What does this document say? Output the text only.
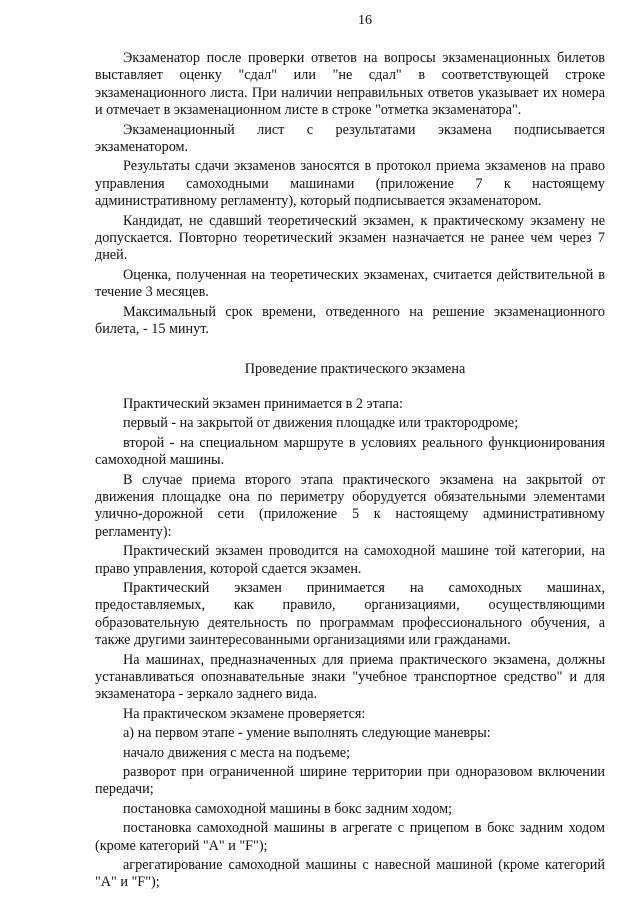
16

Экзаменатор после проверки ответов на вопросы экзаменационных билетов выставляет оценку "сдал" или "не сдал" в соответствующей строке экзаменационного листа. При наличии неправильных ответов указывает их номера и отмечает в экзаменационном листе в строке "отметка экзаменатора".

Экзаменационный лист с результатами экзамена подписывается экзаменатором.

Результаты сдачи экзаменов заносятся в протокол приема экзаменов на право управления самоходными машинами (приложение 7 к настоящему административному регламенту), который подписывается экзаменатором.

Кандидат, не сдавший теоретический экзамен, к практическому экзамену не допускается. Повторно теоретический экзамен назначается не ранее чем через 7 дней.

Оценка, полученная на теоретических экзаменах, считается действительной в течение 3 месяцев.

Максимальный срок времени, отведенного на решение экзаменационного билета, - 15 минут.

Проведение практического экзамена

Практический экзамен принимается в 2 этапа:

первый - на закрытой от движения площадке или трактородроме;

второй - на специальном маршруте в условиях реального функционирования самоходной машины.

В случае приема второго этапа практического экзамена на закрытой от движения площадке она по периметру оборудуется обязательными элементами улично-дорожной сети (приложение 5 к настоящему административному регламенту):

Практический экзамен проводится на самоходной машине той категории, на право управления, которой сдается экзамен.

Практический экзамен принимается на самоходных машинах, предоставляемых, как правило, организациями, осуществляющими образовательную деятельность по программам профессионального обучения, а также другими заинтересованными организациями или гражданами.

На машинах, предназначенных для приема практического экзамена, должны устанавливаться опознавательные знаки "учебное транспортное средство" и для экзаменатора - зеркало заднего вида.

На практическом экзамене проверяется:

а) на первом этапе - умение выполнять следующие маневры:

начало движения с места на подъеме;

разворот при ограниченной ширине территории при одноразовом включении передачи;

постановка самоходной машины в бокс задним ходом;

постановка самоходной машины в агрегате с прицепом в бокс задним ходом (кроме категорий "А" и "F");

агрегатирование самоходной машины с навесной машиной (кроме категорий "А" и "F");
